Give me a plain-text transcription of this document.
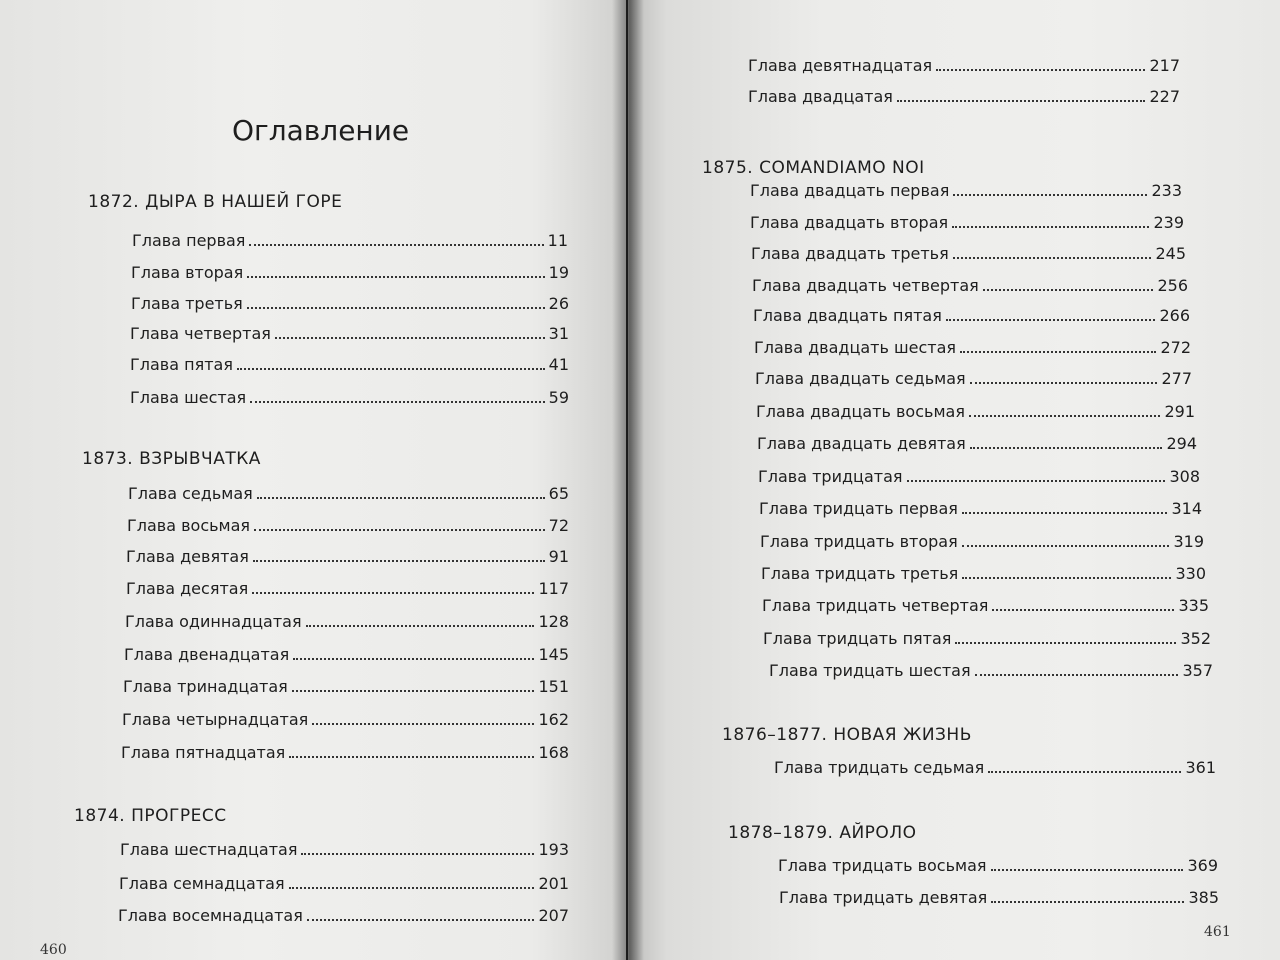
Оглавление
1872. ДЫРА В НАШЕЙ ГОРЕ
Глава первая	11
Глава вторая	19
Глава третья	26
Глава четвертая	31
Глава пятая	41
Глава шестая	59
1873. ВЗРЫВЧАТКА
Глава седьмая	65
Глава восьмая	72
Глава девятая	91
Глава десятая	117
Глава одиннадцатая	128
Глава двенадцатая	145
Глава тринадцатая	151
Глава четырнадцатая	162
Глава пятнадцатая	168
1874. ПРОГРЕСС
Глава шестнадцатая	193
Глава семнадцатая	201
Глава восемнадцатая	207
460
Глава девятнадцатая	217
Глава двадцатая	227
1875. COMANDIAMO NOI
Глава двадцать первая	233
Глава двадцать вторая	239
Глава двадцать третья	245
Глава двадцать четвертая	256
Глава двадцать пятая	266
Глава двадцать шестая	272
Глава двадцать седьмая	277
Глава двадцать восьмая	291
Глава двадцать девятая	294
Глава тридцатая	308
Глава тридцать первая	314
Глава тридцать вторая	319
Глава тридцать третья	330
Глава тридцать четвертая	335
Глава тридцать пятая	352
Глава тридцать шестая	357
1876–1877. НОВАЯ ЖИЗНЬ
Глава тридцать седьмая	361
1878–1879. АЙРОЛО
Глава тридцать восьмая	369
Глава тридцать девятая	385
461
